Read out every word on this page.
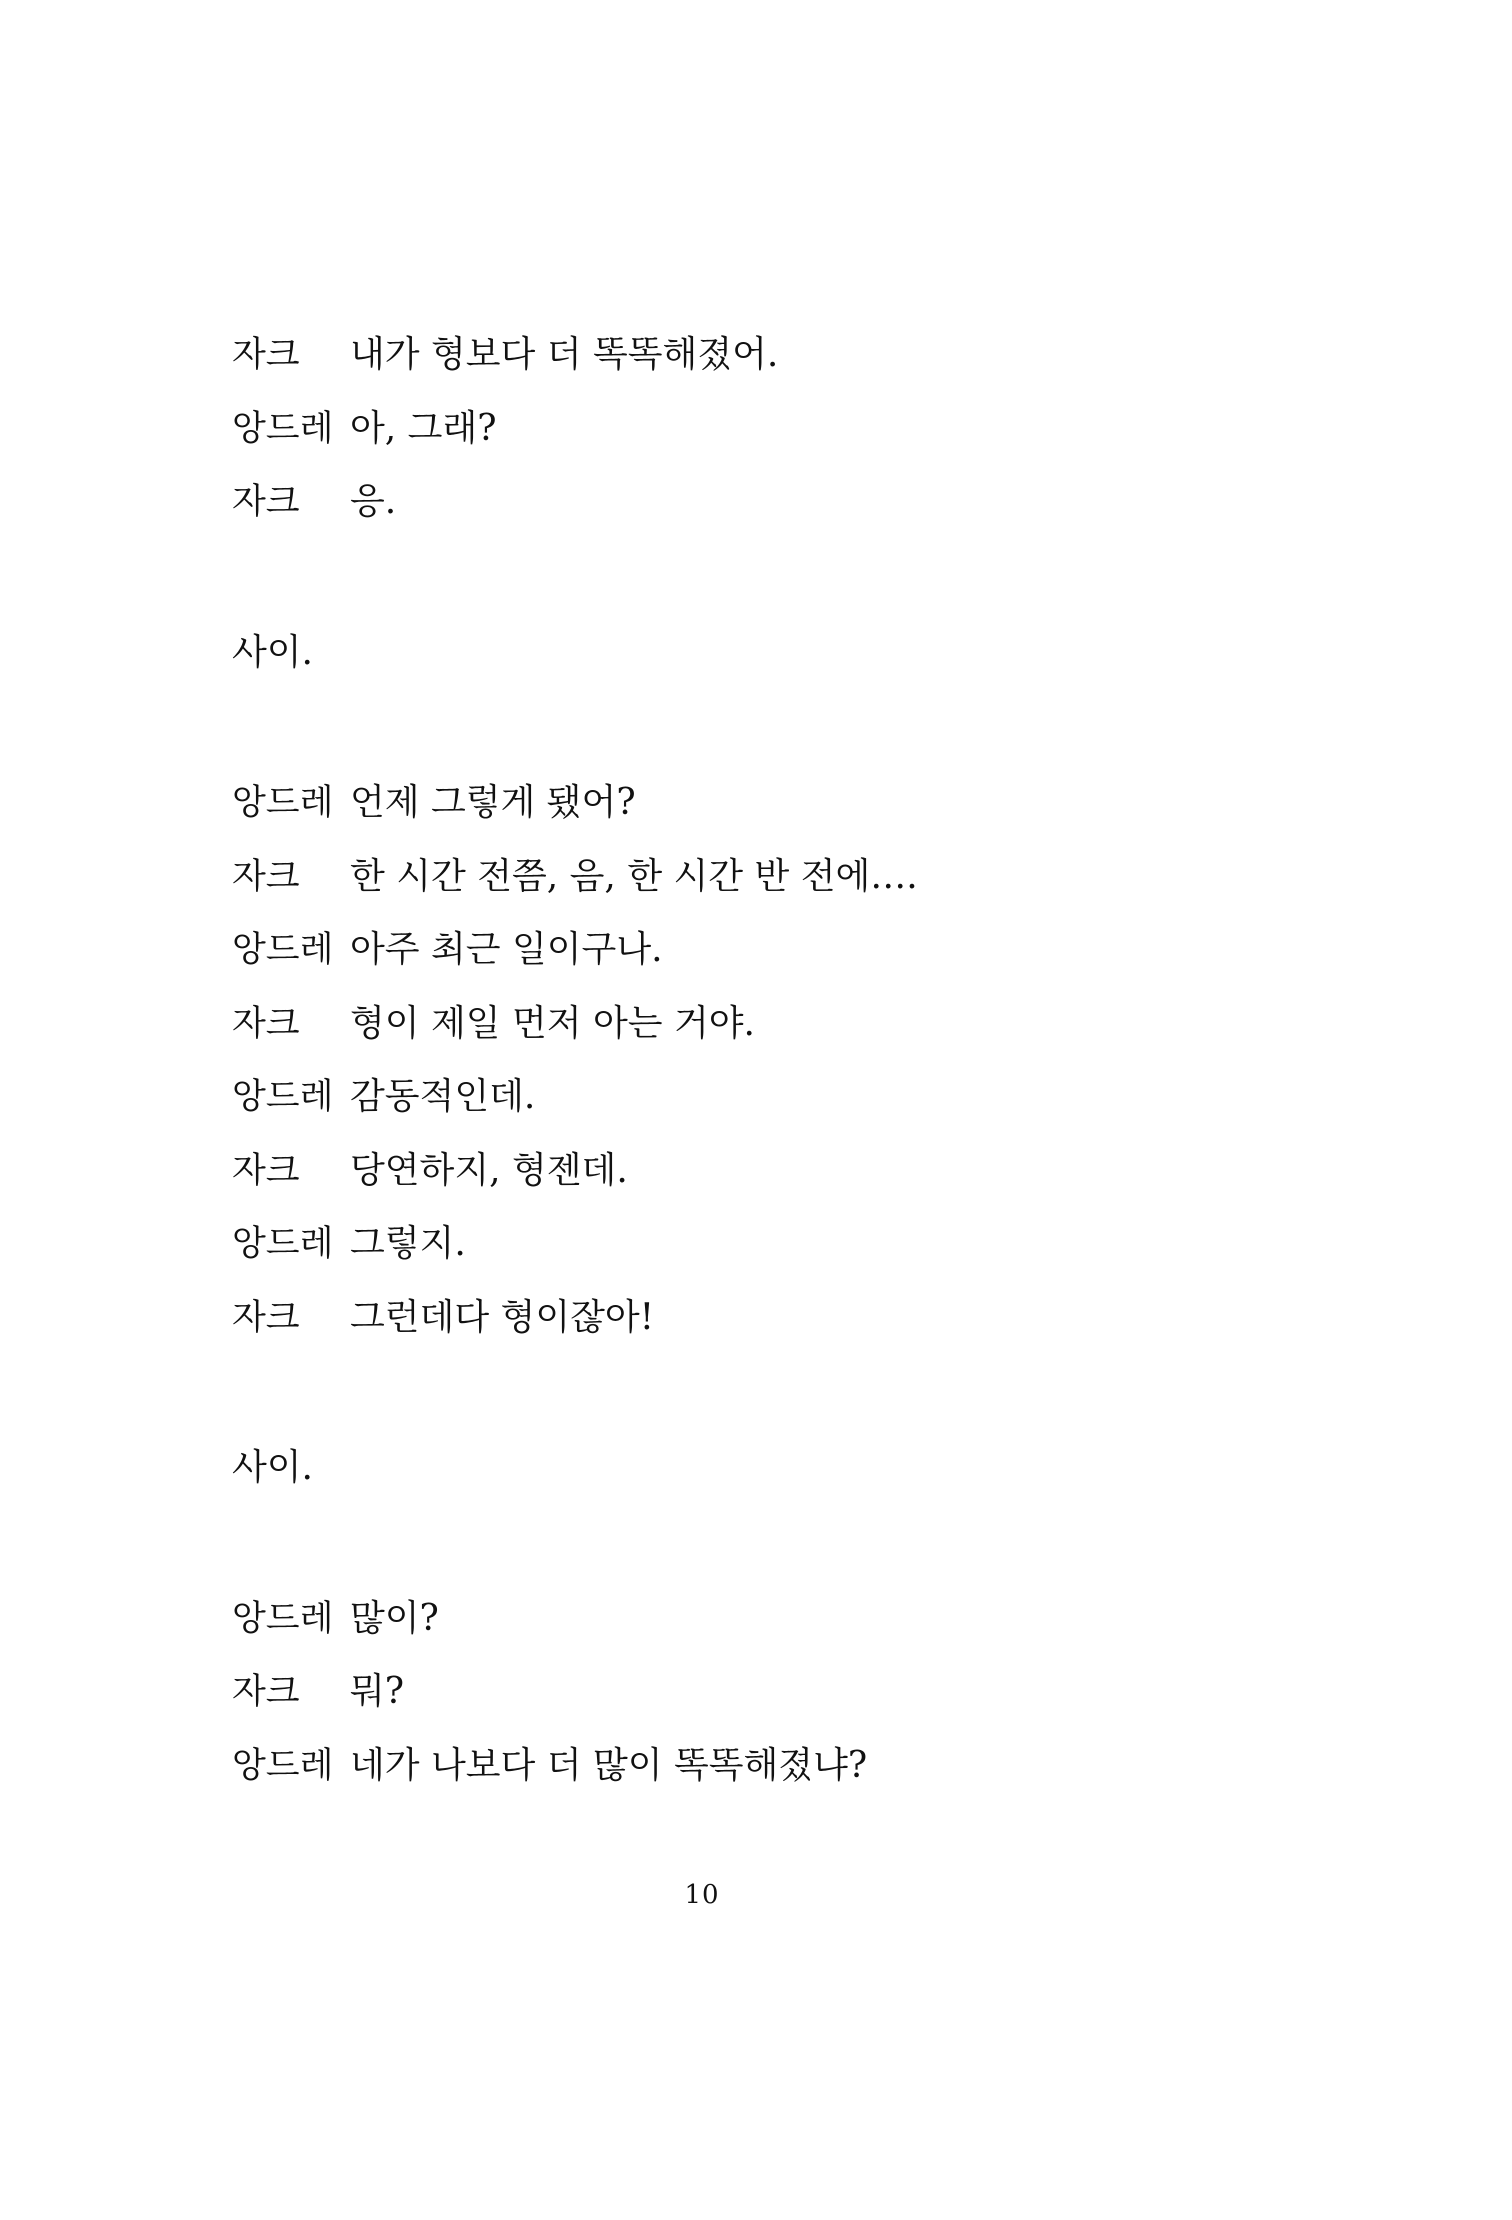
자크	내가 형보다 더 똑똑해졌어.
앙드레 아, 그래?
자크	응.
사이.
앙드레 언제 그렇게 됐어?
자크	한 시간 전쯤, 음, 한 시간 반 전에….
앙드레 아주 최근 일이구나.
자크	형이 제일 먼저 아는 거야.
앙드레 감동적인데.
자크	당연하지, 형젠데.
앙드레 그렇지.
자크	그런데다 형이잖아!
사이.
앙드레 많이?
자크	뭐?
앙드레 네가 나보다 더 많이 똑똑해졌냐?
10
